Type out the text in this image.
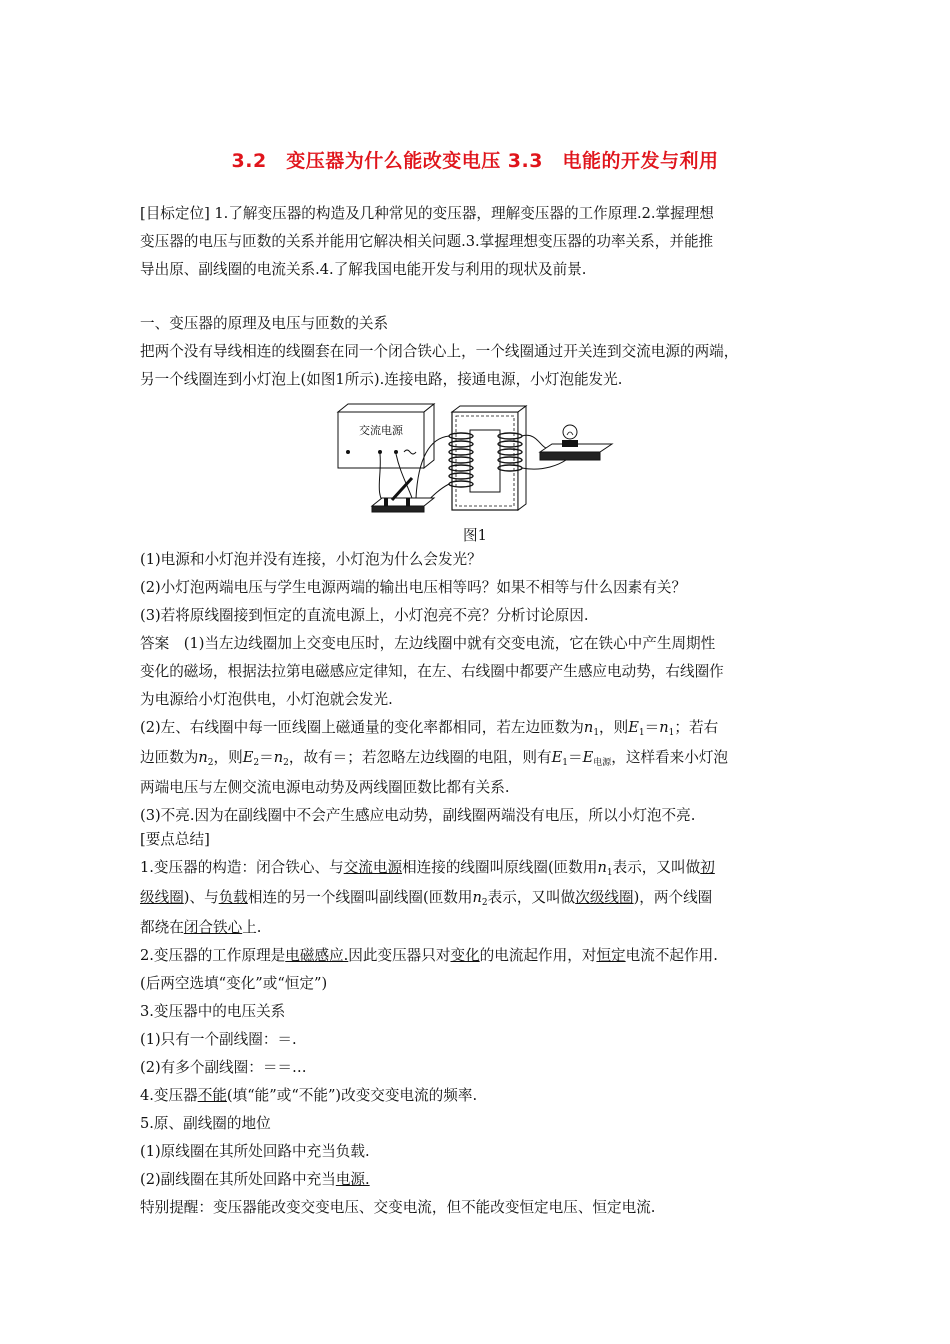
3.2　变压器为什么能改变电压 3.3　电能的开发与利用
[目标定位] 1.了解变压器的构造及几种常见的变压器，理解变压器的工作原理.2.掌握理想
变压器的电压与匝数的关系并能用它解决相关问题.3.掌握理想变压器的功率关系，并能推
导出原、副线圈的电流关系.4.了解我国电能开发与利用的现状及前景.
一、变压器的原理及电压与匝数的关系
把两个没有导线相连的线圈套在同一个闭合铁心上，一个线圈通过开关连到交流电源的两端，
另一个线圈连到小灯泡上(如图1所示).连接电路，接通电源，小灯泡能发光.
交流电源
图1
(1)电源和小灯泡并没有连接，小灯泡为什么会发光？
(2)小灯泡两端电压与学生电源两端的输出电压相等吗？如果不相等与什么因素有关？
(3)若将原线圈接到恒定的直流电源上，小灯泡亮不亮？分析讨论原因.
答案　(1)当左边线圈加上交变电压时，左边线圈中就有交变电流，它在铁心中产生周期性
变化的磁场，根据法拉第电磁感应定律知，在左、右线圈中都要产生感应电动势，右线圈作
为电源给小灯泡供电，小灯泡就会发光.
(2)左、右线圈中每一匝线圈上磁通量的变化率都相同，若左边匝数为$n_1$，则$E_1=n_1$；若右
边匝数为$n_2$，则$E_2=n_2$，故有＝；若忽略左边线圈的电阻，则有$E_1=E_{电源}$，这样看来小灯泡
两端电压与左侧交流电源电动势及两线圈匝数比都有关系.
(3)不亮.因为在副线圈中不会产生感应电动势，副线圈两端没有电压，所以小灯泡不亮.
[要点总结]
1.变压器的构造：闭合铁心、与交流电源相连接的线圈叫原线圈(匝数用$n_1$表示，又叫做初
级线圈)、与负载相连的另一个线圈叫副线圈(匝数用$n_2$表示，又叫做次级线圈)，两个线圈
都绕在闭合铁心上.
2.变压器的工作原理是电磁感应.因此变压器只对变化的电流起作用，对恒定电流不起作用.
(后两空选填“变化”或“恒定”)
3.变压器中的电压关系
(1)只有一个副线圈：＝.
(2)有多个副线圈：＝＝…
4.变压器不能(填“能”或“不能”)改变交变电流的频率.
5.原、副线圈的地位
(1)原线圈在其所处回路中充当负载.
(2)副线圈在其所处回路中充当电源.
特别提醒：变压器能改变交变电压、交变电流，但不能改变恒定电压、恒定电流.
